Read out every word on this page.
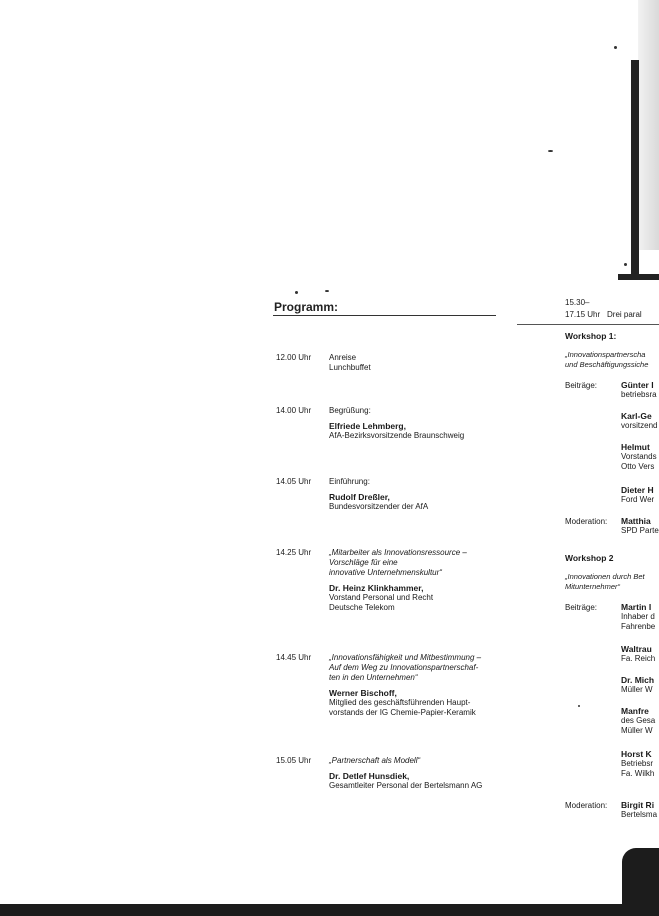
Programm:
12.00 Uhr	Anreise
Lunchbuffet
14.00 Uhr	Begrüßung:
Elfriede Lehmberg,
AfA-Bezirksvorsitzende Braunschweig
14.05 Uhr	Einführung:
Rudolf Dreßler,
Bundesvorsitzender der AfA
14.25 Uhr	„Mitarbeiter als Innovationsressource –
Vorschläge für eine
innovative Unternehmenskultur“
Dr. Heinz Klinkhammer,
Vorstand Personal und Recht
Deutsche Telekom
14.45 Uhr	„Innovationsfähigkeit und Mitbestimmung –
Auf dem Weg zu Innovationspartnerschaf-
ten in den Unternehmen“
Werner Bischoff,
Mitglied des geschäftsführenden Haupt-
vorstands der IG Chemie-Papier-Keramik
15.05 Uhr	„Partnerschaft als Modell“
Dr. Detlef Hunsdiek,
Gesamtleiter Personal der Bertelsmann AG
15.30–
17.15 Uhr Drei paral
Workshop 1:
„Innovationspartnerscha
und Beschäftigungssiche
Beiträge:	Günter I
betriebsra
Karl-Ge
vorsitzend
Helmut
Vorstands
Otto Vers
Dieter H
Ford Wer
Moderation:	Matthia
SPD Parte
Workshop 2
„Innovationen durch Bet
Mitunternehmer“
Beiträge:	Martin I
Inhaber d
Fahrenbe
Waltrau
Fa. Reich
Dr. Mich
Müller W
Manfre
des Gesa
Müller W
Horst K
Betriebsr
Fa. Wilkh
Moderation:	Birgit Ri
Bertelsma
